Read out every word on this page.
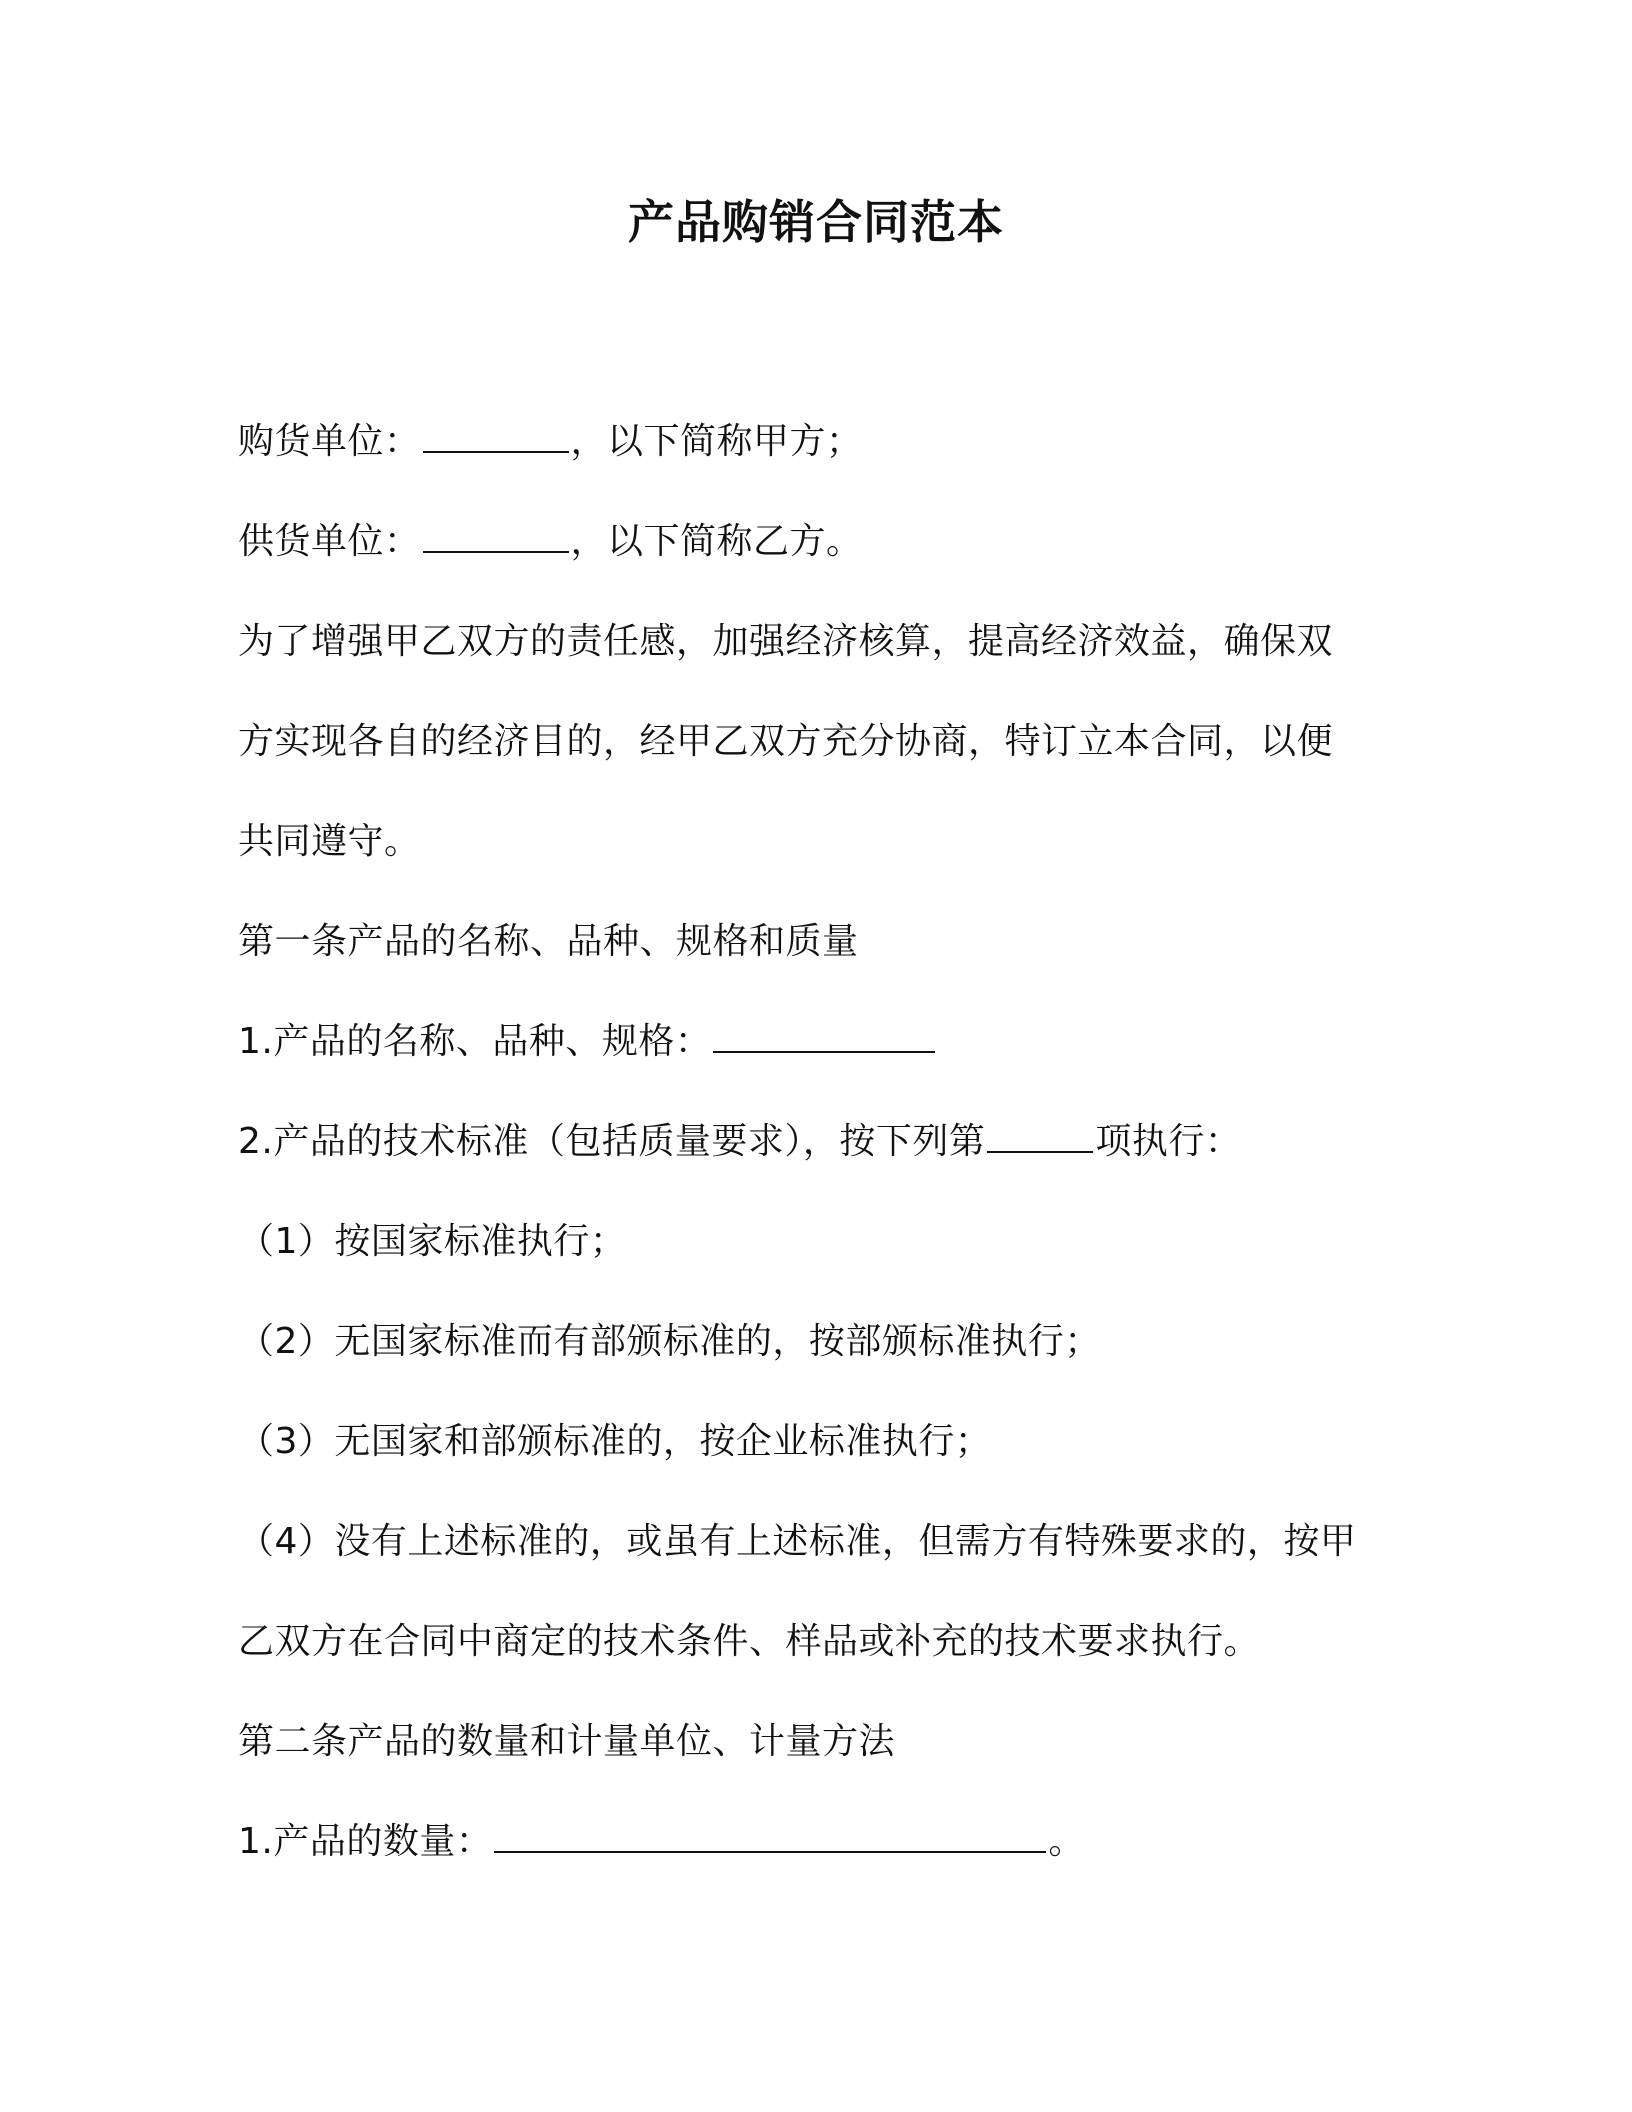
产品购销合同范本
购货单位：	，以下简称甲方；
供货单位：	，以下简称乙方。
为了增强甲乙双方的责任感，加强经济核算，提高经济效益，确保双
方实现各自的经济目的，经甲乙双方充分协商，特订立本合同，以便
共同遵守。
第一条产品的名称、品种、规格和质量
1.产品的名称、品种、规格：
2.产品的技术标准（包括质量要求），按下列第	项执行：
（1）按国家标准执行；
（2）无国家标准而有部颁标准的，按部颁标准执行；
（3）无国家和部颁标准的，按企业标准执行；
（4）没有上述标准的，或虽有上述标准，但需方有特殊要求的，按甲
乙双方在合同中商定的技术条件、样品或补充的技术要求执行。
第二条产品的数量和计量单位、计量方法
1.产品的数量：	。
